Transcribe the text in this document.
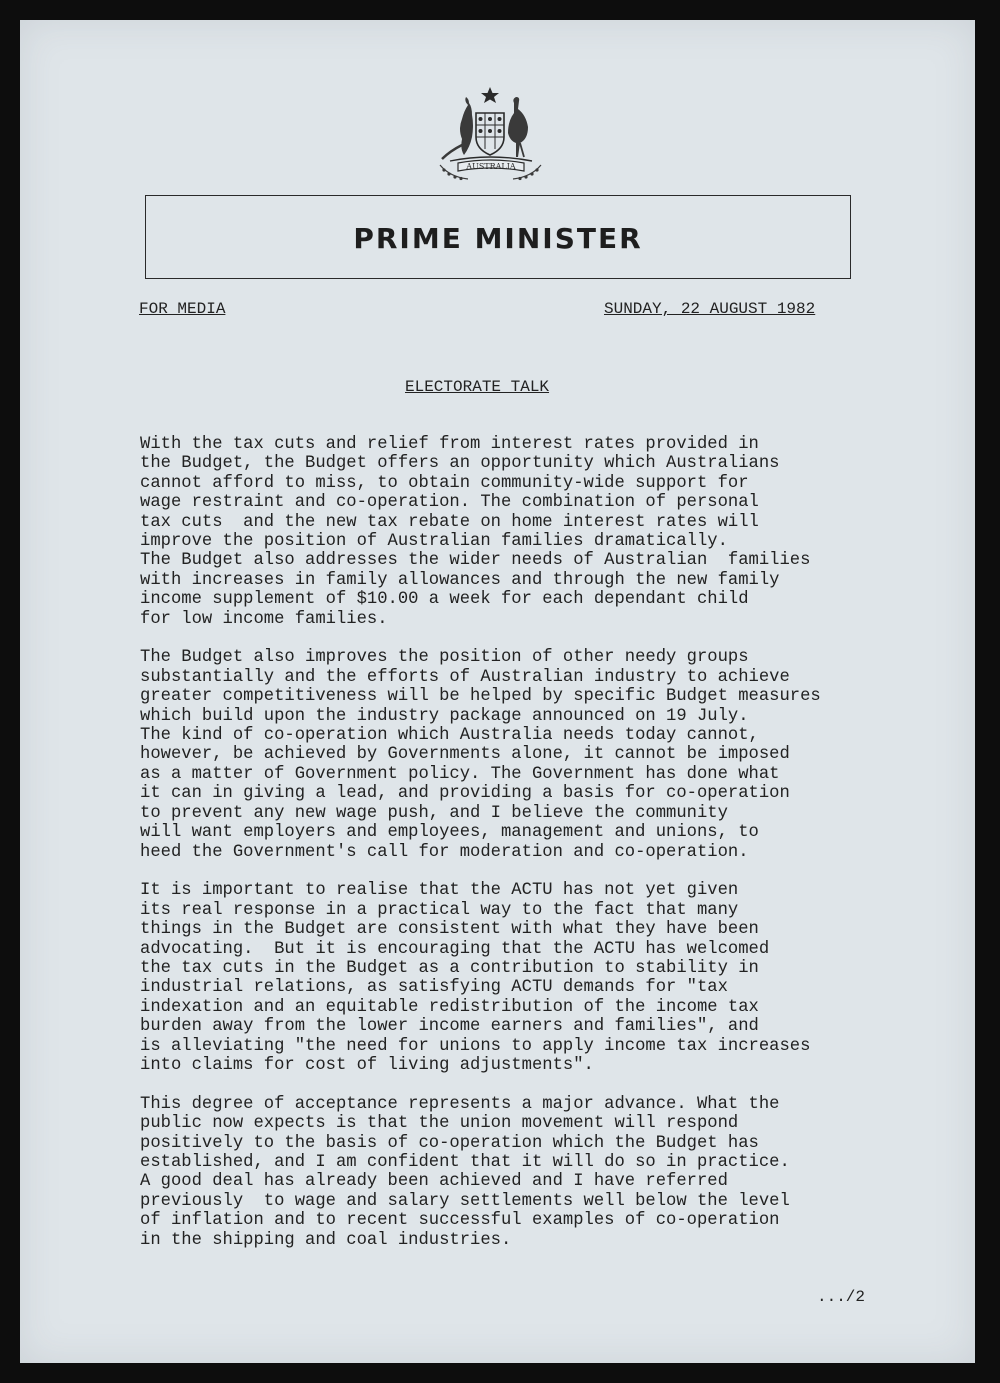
AUSTRALIA
PRIME MINISTER
FOR MEDIA	SUNDAY, 22 AUGUST 1982
ELECTORATE TALK
With the tax cuts and relief from interest rates provided in
the Budget, the Budget offers an opportunity which Australians
cannot afford to miss, to obtain community-wide support for
wage restraint and co-operation. The combination of personal
tax cuts  and the new tax rebate on home interest rates will
improve the position of Australian families dramatically.
The Budget also addresses the wider needs of Australian  families
with increases in family allowances and through the new family
income supplement of $10.00 a week for each dependant child
for low income families.
The Budget also improves the position of other needy groups
substantially and the efforts of Australian industry to achieve
greater competitiveness will be helped by specific Budget measures
which build upon the industry package announced on 19 July.
The kind of co-operation which Australia needs today cannot,
however, be achieved by Governments alone, it cannot be imposed
as a matter of Government policy. The Government has done what
it can in giving a lead, and providing a basis for co-operation
to prevent any new wage push, and I believe the community
will want employers and employees, management and unions, to
heed the Government's call for moderation and co-operation.
It is important to realise that the ACTU has not yet given
its real response in a practical way to the fact that many
things in the Budget are consistent with what they have been
advocating.  But it is encouraging that the ACTU has welcomed
the tax cuts in the Budget as a contribution to stability in
industrial relations, as satisfying ACTU demands for "tax
indexation and an equitable redistribution of the income tax
burden away from the lower income earners and families", and
is alleviating "the need for unions to apply income tax increases
into claims for cost of living adjustments".
This degree of acceptance represents a major advance. What the
public now expects is that the union movement will respond
positively to the basis of co-operation which the Budget has
established, and I am confident that it will do so in practice.
A good deal has already been achieved and I have referred
previously  to wage and salary settlements well below the level
of inflation and to recent successful examples of co-operation
in the shipping and coal industries.
.../2
